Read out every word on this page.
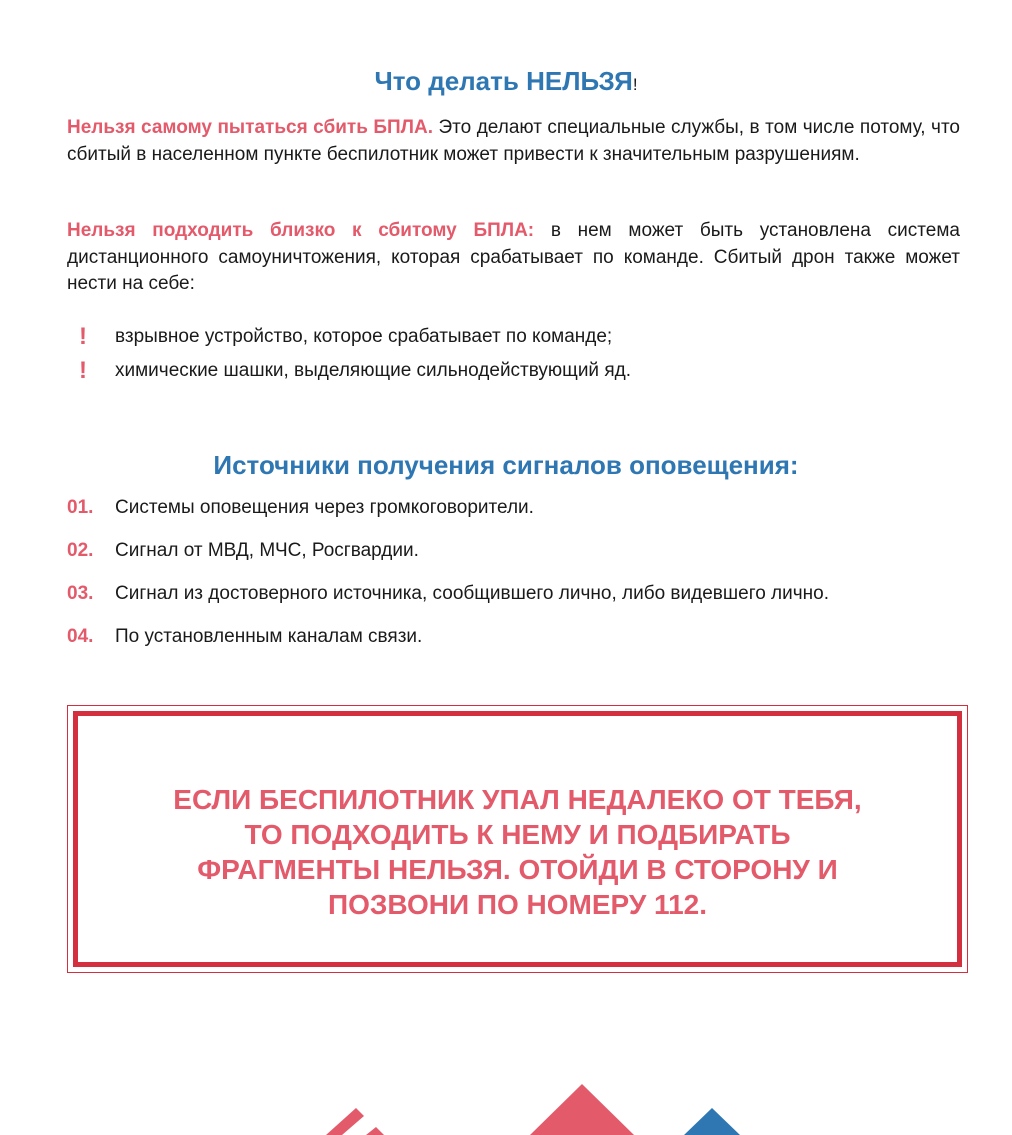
Что делать НЕЛЬЗЯ!

Нельзя самому пытаться сбить БПЛА. Это делают специальные службы, в том числе потому, что сбитый в населенном пункте беспилотник может привести к значительным разрушениям.

Нельзя подходить близко к сбитому БПЛА: в нем может быть установлена система дистанционного самоуничтожения, которая срабатывает по команде. Сбитый дрон также может нести на себе:

! взрывное устройство, которое срабатывает по команде;
! химические шашки, выделяющие сильнодействующий яд.
Источники получения сигналов оповещения:
01. Системы оповещения через громкоговорители.
02. Сигнал от МВД, МЧС, Росгвардии.
03. Сигнал из достоверного источника, сообщившего лично, либо видевшего лично.
04. По установленным каналам связи.

ЕСЛИ БЕСПИЛОТНИК УПАЛ НЕДАЛЕКО ОТ ТЕБЯ,
ТО ПОДХОДИТЬ К НЕМУ И ПОДБИРАТЬ
ФРАГМЕНТЫ НЕЛЬЗЯ. ОТОЙДИ В СТОРОНУ И
ПОЗВОНИ ПО НОМЕРУ 112.
